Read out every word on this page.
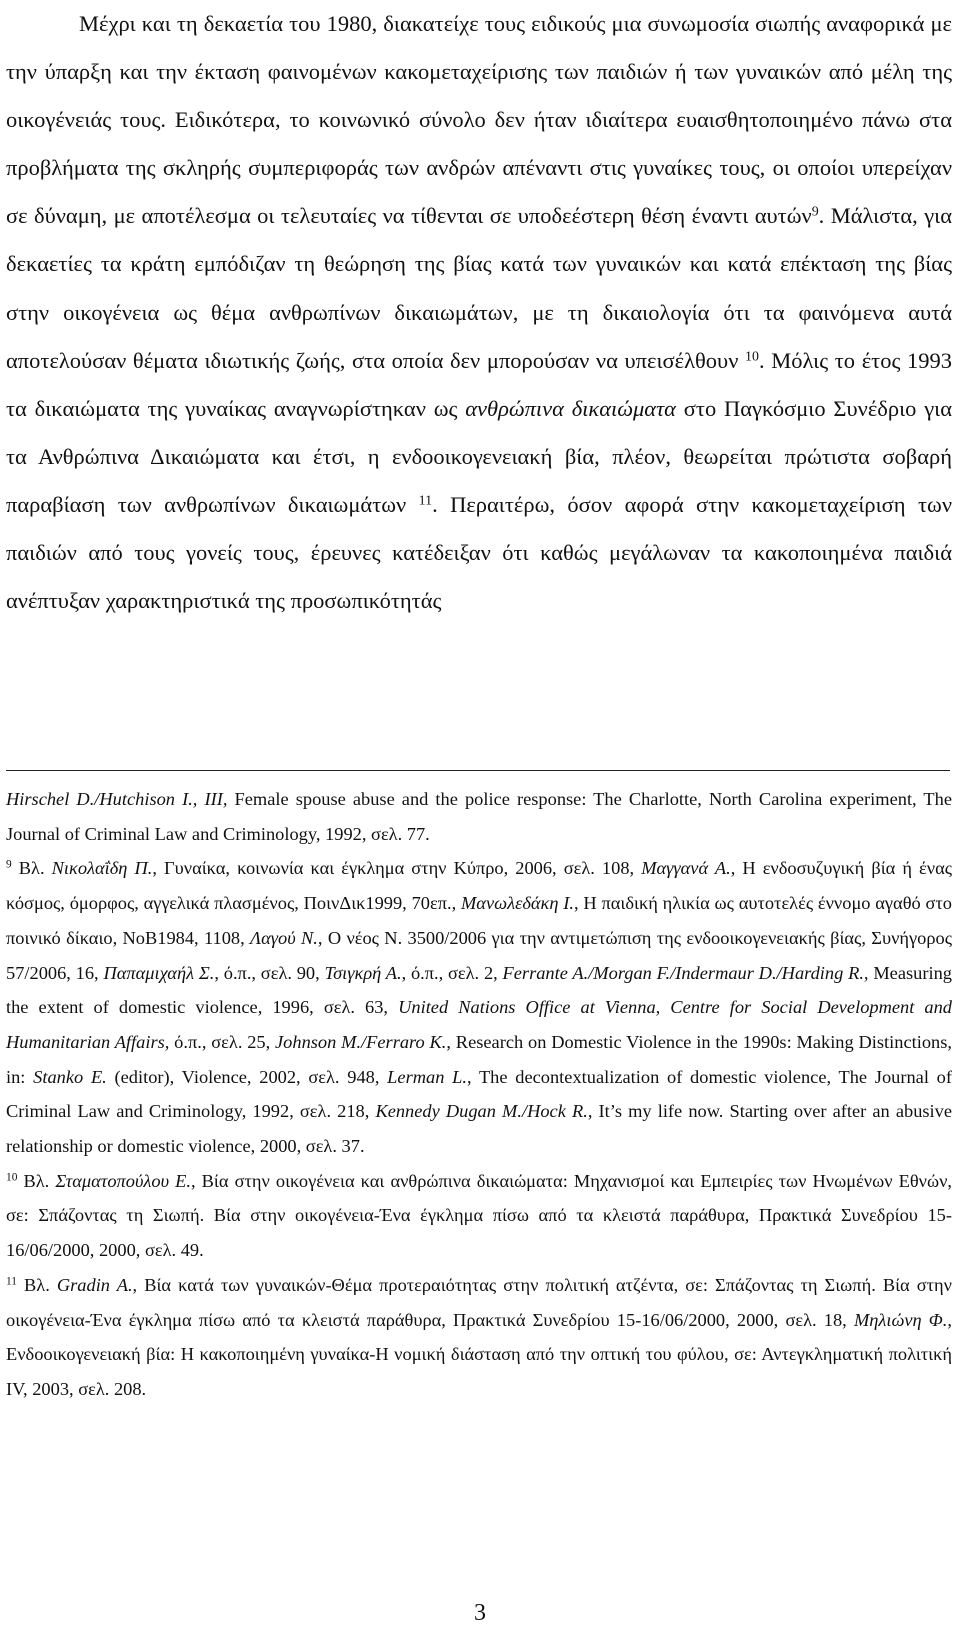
Μέχρι και τη δεκαετία του 1980, διακατείχε τους ειδικούς μια συνωμοσία σιωπής αναφορικά με την ύπαρξη και την έκταση φαινομένων κακομεταχείρισης των παιδιών ή των γυναικών από μέλη της οικογένειάς τους. Ειδικότερα, το κοινωνικό σύνολο δεν ήταν ιδιαίτερα ευαισθητοποιημένο πάνω στα προβλήματα της σκληρής συμπεριφοράς των ανδρών απέναντι στις γυναίκες τους, οι οποίοι υπερείχαν σε δύναμη, με αποτέλεσμα οι τελευταίες να τίθενται σε υποδεέστερη θέση έναντι αυτών$^9$. Μάλιστα, για δεκαετίες τα κράτη εμπόδιζαν τη θεώρηση της βίας κατά των γυναικών και κατά επέκταση της βίας στην οικογένεια ως θέμα ανθρωπίνων δικαιωμάτων, με τη δικαιολογία ότι τα φαινόμενα αυτά αποτελούσαν θέματα ιδιωτικής ζωής, στα οποία δεν μπορούσαν να υπεισέλθουν $^{10}$. Μόλις το έτος 1993 τα δικαιώματα της γυναίκας αναγνωρίστηκαν ως ανθρώπινα δικαιώματα στο Παγκόσμιο Συνέδριο για τα Ανθρώπινα Δικαιώματα και έτσι, η ενδοοικογενειακή βία, πλέον, θεωρείται πρώτιστα σοβαρή παραβίαση των ανθρωπίνων δικαιωμάτων $^{11}$. Περαιτέρω, όσον αφορά στην κακομεταχείριση των παιδιών από τους γονείς τους, έρευνες κατέδειξαν ότι καθώς μεγάλωναν τα κακοποιημένα παιδιά ανέπτυξαν χαρακτηριστικά της προσωπικότητάς

Hirschel D./Hutchison I., III, Female spouse abuse and the police response: The Charlotte, North Carolina experiment, The Journal of Criminal Law and Criminology, 1992, σελ. 77.

$^9$ Βλ. Νικολαΐδη Π., Γυναίκα, κοινωνία και έγκλημα στην Κύπρο, 2006, σελ. 108, Μαγγανά Α., Η ενδοσυζυγική βία ή ένας κόσμος, όμορφος, αγγελικά πλασμένος, ΠοινΔικ1999, 70επ., Μανωλεδάκη Ι., Η παιδική ηλικία ως αυτοτελές έννομο αγαθό στο ποινικό δίκαιο, ΝοΒ1984, 1108, Λαγού Ν., Ο νέος Ν. 3500/2006 για την αντιμετώπιση της ενδοοικογενειακής βίας, Συνήγορος 57/2006, 16, Παπαμιχαήλ Σ., ό.π., σελ. 90, Τσιγκρή Α., ό.π., σελ. 2, Ferrante A./Morgan F./Indermaur D./Harding R., Measuring the extent of domestic violence, 1996, σελ. 63, United Nations Office at Vienna, Centre for Social Development and Humanitarian Affairs, ό.π., σελ. 25, Johnson M./Ferraro K., Research on Domestic Violence in the 1990s: Making Distinctions, in: Stanko E. (editor), Violence, 2002, σελ. 948, Lerman L., The decontextualization of domestic violence, The Journal of Criminal Law and Criminology, 1992, σελ. 218, Kennedy Dugan M./Hock R., It’s my life now. Starting over after an abusive relationship or domestic violence, 2000, σελ. 37.

$^{10}$ Βλ. Σταματοπούλου Ε., Βία στην οικογένεια και ανθρώπινα δικαιώματα: Μηχανισμοί και Εμπειρίες των Ηνωμένων Εθνών, σε: Σπάζοντας τη Σιωπή. Βία στην οικογένεια-Ένα έγκλημα πίσω από τα κλειστά παράθυρα, Πρακτικά Συνεδρίου 15-16/06/2000, 2000, σελ. 49.

$^{11}$ Βλ. Gradin A., Βία κατά των γυναικών-Θέμα προτεραιότητας στην πολιτική ατζέντα, σε: Σπάζοντας τη Σιωπή. Βία στην οικογένεια-Ένα έγκλημα πίσω από τα κλειστά παράθυρα, Πρακτικά Συνεδρίου 15-16/06/2000, 2000, σελ. 18, Μηλιώνη Φ., Ενδοοικογενειακή βία: Η κακοποιημένη γυναίκα-Η νομική διάσταση από την οπτική του φύλου, σε: Αντεγκληματική πολιτική IV, 2003, σελ. 208.

3
